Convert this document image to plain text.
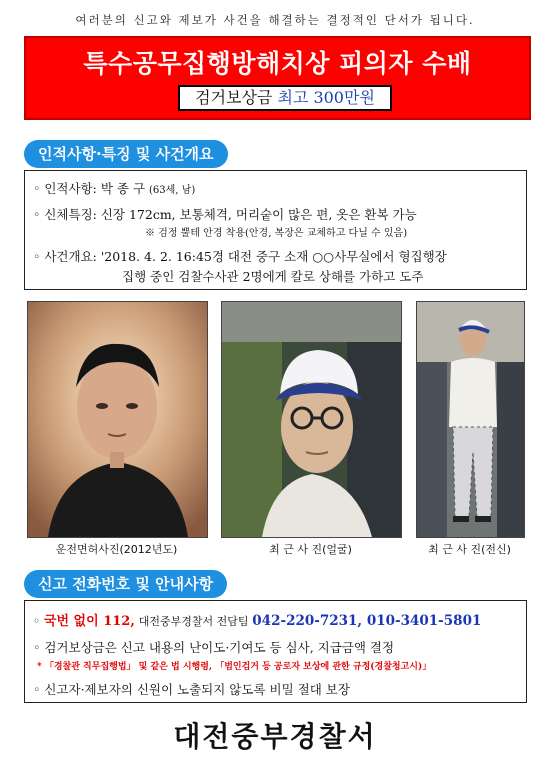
여러분의 신고와 제보가 사건을 해결하는 결정적인 단서가 됩니다.
특수공무집행방해치상 피의자 수배
검거보상금 최고 300만원
인적사항·특징 및 사건개요
◦ 인적사항: 박 종 구 (63세, 남)
◦ 신체특징: 신장 172cm, 보통체격, 머리숱이 많은 편, 옷은 환복 가능
※ 검정 뿔테 안경 착용(안경, 복장은 교체하고 다닐 수 있음)
◦ 사건개요: '2018. 4. 2. 16:45경 대전 중구 소재 ○○사무실에서 형집행장
집행 중인 검찰수사관 2명에게 칼로 상해를 가하고 도주
운전면허사진(2012년도)	최 근 사 진(얼굴)	최 근 사 진(전신)
신고 전화번호 및 안내사항
◦ 국번 없이 112, 대전중부경찰서 전담팀 042-220-7231, 010-3401-5801
◦ 검거보상금은 신고 내용의 난이도·기여도 등 심사, 지급금액 결정
* 「경찰관 직무집행법」 및 같은 법 시행령, 「범인검거 등 공로자 보상에 관한 규정(경찰청고시)」
◦ 신고자·제보자의 신원이 노출되지 않도록 비밀 절대 보장
대전중부경찰서
